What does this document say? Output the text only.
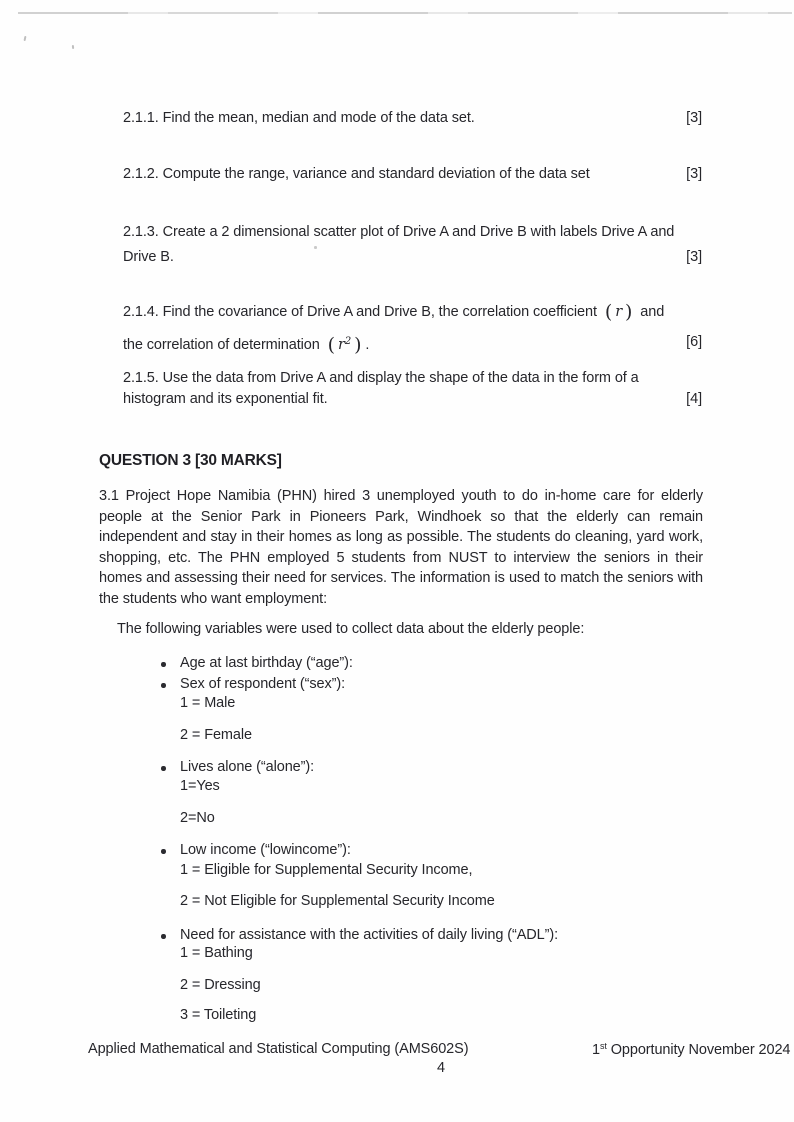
2.1.1. Find the mean, median and mode of the data set.	[3]
2.1.2. Compute the range, variance and standard deviation of the data set	[3]
2.1.3. Create a 2 dimensional scatter plot of Drive A and Drive B with labels Drive A and
Drive B.	[3]
2.1.4. Find the covariance of Drive A and Drive B, the correlation coefficient ( r ) and
the correlation of determination ( $r^2$ ) .	[6]
2.1.5. Use the data from Drive A and display the shape of the data in the form of a
histogram and its exponential fit.	[4]
QUESTION 3 [30 MARKS]
3.1 Project Hope Namibia (PHN) hired 3 unemployed youth to do in-home care for elderly people at the Senior Park in Pioneers Park, Windhoek so that the elderly can remain independent and stay in their homes as long as possible. The students do cleaning, yard work, shopping, etc. The PHN employed 5 students from NUST to interview the seniors in their homes and assessing their need for services. The information is used to match the seniors with the students who want employment:
The following variables were used to collect data about the elderly people:
Age at last birthday (“age”):
Sex of respondent (“sex”):
1 = Male
2 = Female
Lives alone (“alone”):
1=Yes
2=No
Low income (“lowincome”):
1 = Eligible for Supplemental Security Income,
2 = Not Eligible for Supplemental Security Income
Need for assistance with the activities of daily living (“ADL”):
1 = Bathing
2 = Dressing
3 = Toileting
Applied Mathematical and Statistical Computing (AMS602S)	1st Opportunity November 2024
4
